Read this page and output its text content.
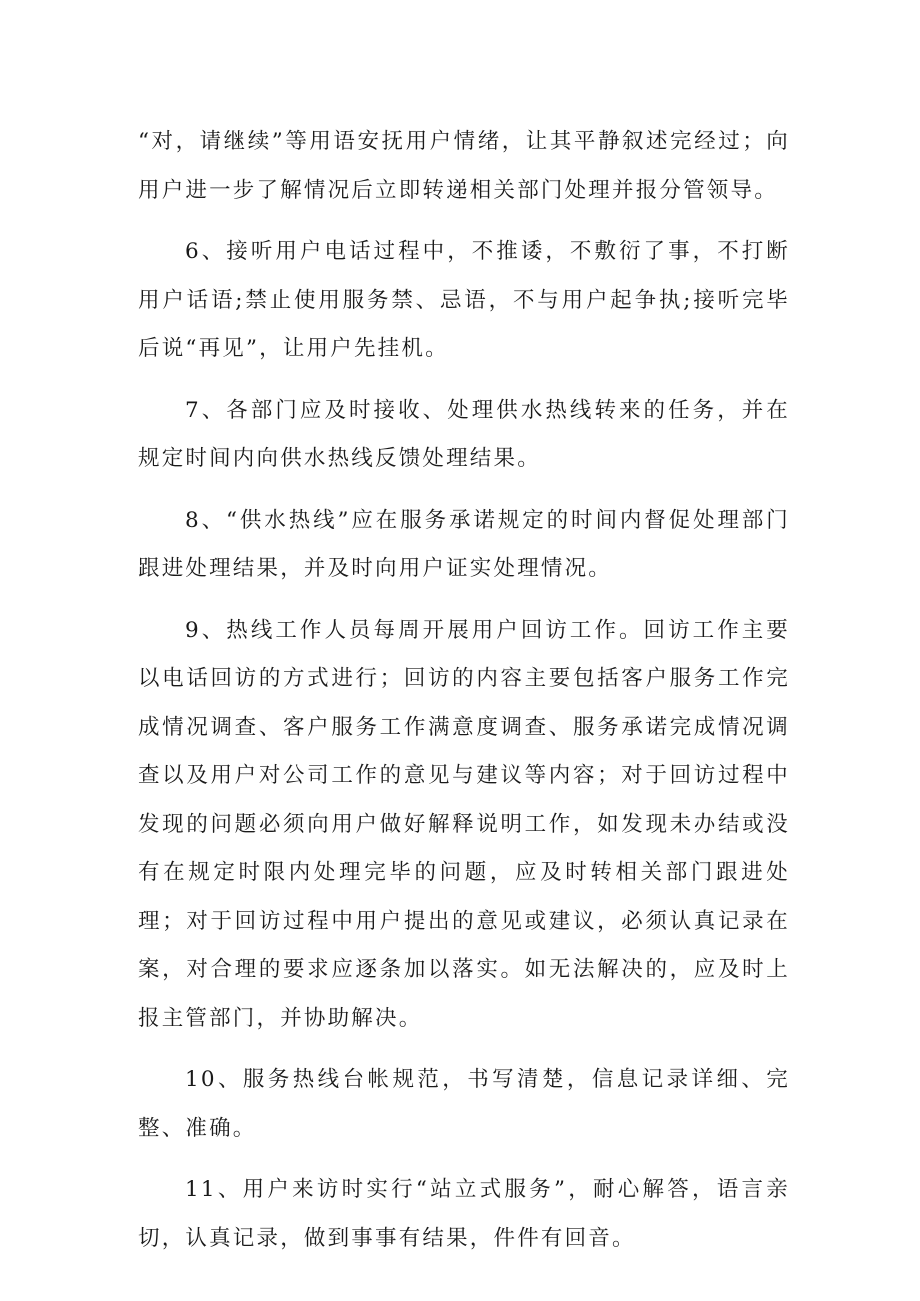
“对，请继续”等用语安抚用户情绪，让其平静叙述完经过；向用户进一步了解情况后立即转递相关部门处理并报分管领导。

6、接听用户电话过程中，不推诿，不敷衍了事，不打断用户话语;禁止使用服务禁、忌语，不与用户起争执;接听完毕后说“再见”，让用户先挂机。

7、各部门应及时接收、处理供水热线转来的任务，并在规定时间内向供水热线反馈处理结果。

8、“供水热线”应在服务承诺规定的时间内督促处理部门跟进处理结果，并及时向用户证实处理情况。

9、热线工作人员每周开展用户回访工作。回访工作主要以电话回访的方式进行；回访的内容主要包括客户服务工作完成情况调查、客户服务工作满意度调查、服务承诺完成情况调查以及用户对公司工作的意见与建议等内容；对于回访过程中发现的问题必须向用户做好解释说明工作，如发现未办结或没有在规定时限内处理完毕的问题，应及时转相关部门跟进处理；对于回访过程中用户提出的意见或建议，必须认真记录在案，对合理的要求应逐条加以落实。如无法解决的，应及时上报主管部门，并协助解决。

10、服务热线台帐规范，书写清楚，信息记录详细、完整、准确。

11、用户来访时实行“站立式服务”，耐心解答，语言亲切，认真记录，做到事事有结果，件件有回音。
